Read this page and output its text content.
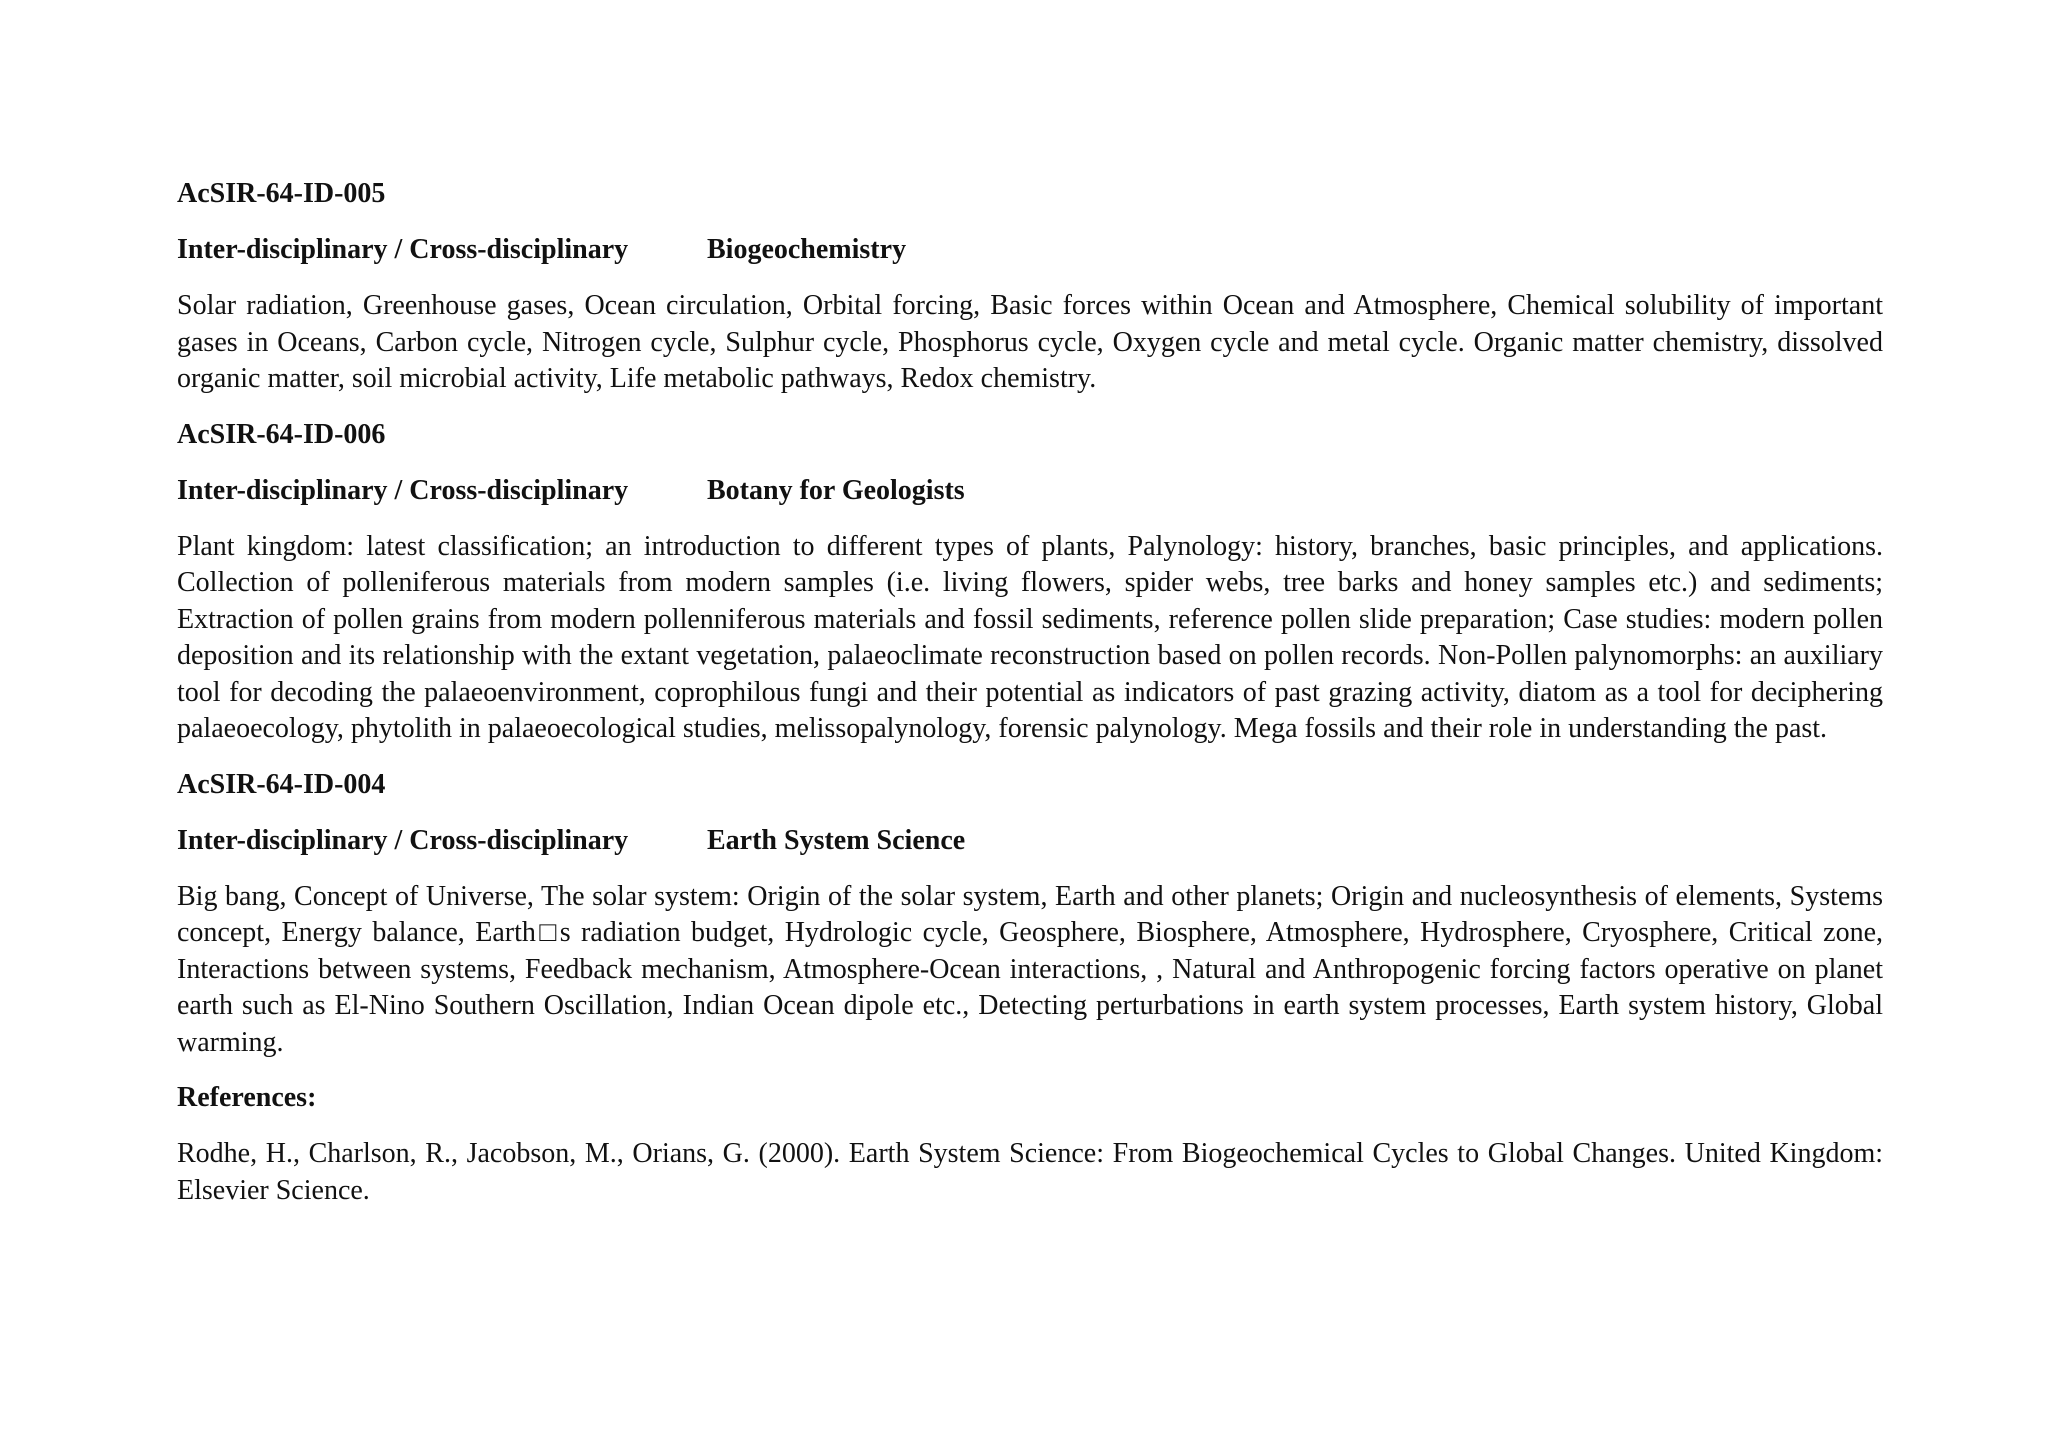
AcSIR-64-ID-005
Inter-disciplinary / Cross-disciplinary	Biogeochemistry

Solar radiation, Greenhouse gases, Ocean circulation, Orbital forcing, Basic forces within Ocean and Atmosphere, Chemical solubility of important gases in Oceans, Carbon cycle, Nitrogen cycle, Sulphur cycle, Phosphorus cycle, Oxygen cycle and metal cycle. Organic matter chemistry, dissolved organic matter, soil microbial activity, Life metabolic pathways, Redox chemistry.

AcSIR-64-ID-006
Inter-disciplinary / Cross-disciplinary	Botany for Geologists

Plant kingdom: latest classification; an introduction to different types of plants, Palynology: history, branches, basic principles, and applications. Collection of polleniferous materials from modern samples (i.e. living flowers, spider webs, tree barks and honey samples etc.) and sediments; Extraction of pollen grains from modern pollenniferous materials and fossil sediments, reference pollen slide preparation; Case studies: modern pollen deposition and its relationship with the extant vegetation, palaeoclimate reconstruction based on pollen records. Non-Pollen palynomorphs: an auxiliary tool for decoding the palaeoenvironment, coprophilous fungi and their potential as indicators of past grazing activity, diatom as a tool for deciphering palaeoecology, phytolith in palaeoecological studies, melissopalynology, forensic palynology. Mega fossils and their role in understanding the past.

AcSIR-64-ID-004
Inter-disciplinary / Cross-disciplinary	Earth System Science

Big bang, Concept of Universe, The solar system: Origin of the solar system, Earth and other planets; Origin and nucleosynthesis of elements, Systems concept, Energy balance, Earth□s radiation budget, Hydrologic cycle, Geosphere, Biosphere, Atmosphere, Hydrosphere, Cryosphere, Critical zone, Interactions between systems, Feedback mechanism, Atmosphere-Ocean interactions, , Natural and Anthropogenic forcing factors operative on planet earth such as El-Nino Southern Oscillation, Indian Ocean dipole etc., Detecting perturbations in earth system processes, Earth system history, Global warming.

References:

Rodhe, H., Charlson, R., Jacobson, M., Orians, G. (2000). Earth System Science: From Biogeochemical Cycles to Global Changes. United Kingdom: Elsevier Science.
